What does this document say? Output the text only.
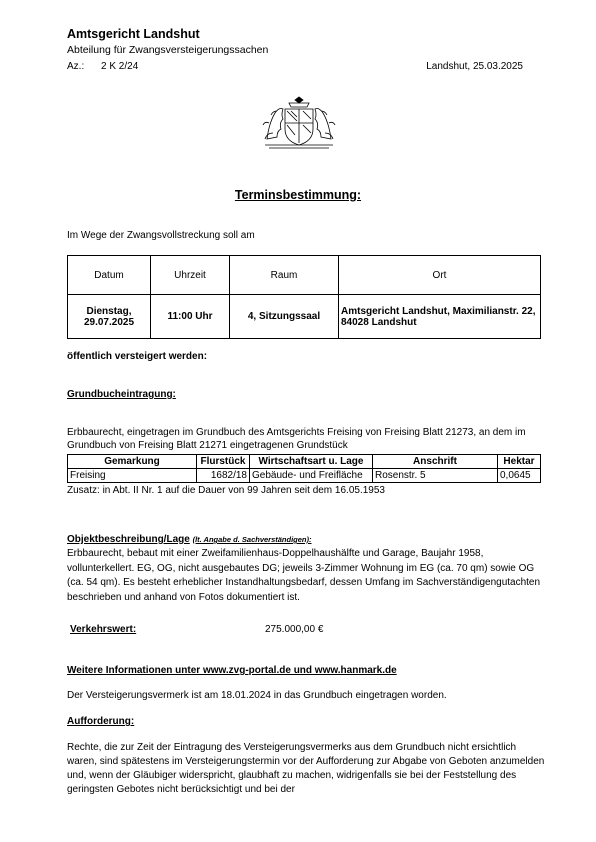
Amtsgericht Landshut
Abteilung für Zwangsversteigerungssachen
Az.: 2 K 2/24	Landshut, 25.03.2025
Terminsbestimmung:
Im Wege der Zwangsvollstreckung soll am
Datum	Uhrzeit	Raum	Ort
Dienstag, 29.07.2025	11:00 Uhr	4, Sitzungssaal	Amtsgericht Landshut, Maximilianstr. 22, 84028 Landshut
öffentlich versteigert werden:
Grundbucheintragung:
Erbbaurecht, eingetragen im Grundbuch des Amtsgerichts Freising von Freising Blatt 21273, an dem im Grundbuch von Freising Blatt 21271 eingetragenen Grundstück
Gemarkung	Flurstück	Wirtschaftsart u. Lage	Anschrift	Hektar
Freising	1682/18	Gebäude- und Freifläche	Rosenstr. 5	0,0645
Zusatz: in Abt. II Nr. 1 auf die Dauer von 99 Jahren seit dem 16.05.1953
Objektbeschreibung/Lage (lt. Angabe d. Sachverständigen):
Erbbaurecht, bebaut mit einer Zweifamilienhaus-Doppelhaushälfte und Garage, Baujahr 1958, vollunterkellert. EG, OG, nicht ausgebautes DG; jeweils 3-Zimmer Wohnung im EG (ca. 70 qm) sowie OG (ca. 54 qm). Es besteht erheblicher Instandhaltungsbedarf, dessen Umfang im Sachverständigengutachten beschrieben und anhand von Fotos dokumentiert ist.
Verkehrswert:	275.000,00 €
Weitere Informationen unter www.zvg-portal.de und www.hanmark.de
Der Versteigerungsvermerk ist am 18.01.2024 in das Grundbuch eingetragen worden.
Aufforderung:
Rechte, die zur Zeit der Eintragung des Versteigerungsvermerks aus dem Grundbuch nicht ersichtlich waren, sind spätestens im Versteigerungstermin vor der Aufforderung zur Abgabe von Geboten anzumelden und, wenn der Gläubiger widerspricht, glaubhaft zu machen, widrigenfalls sie bei der Feststellung des geringsten Gebotes nicht berücksichtigt und bei der
